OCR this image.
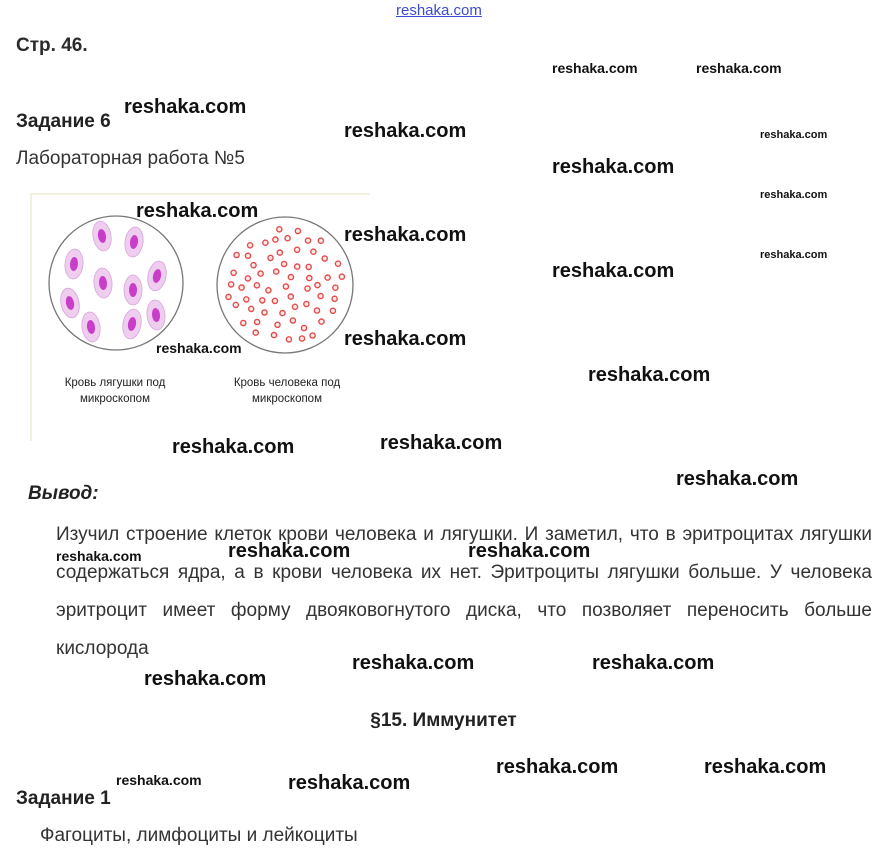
reshaka.com
Стр. 46.
Задание 6
Лабораторная работа №5
Кровь лягушки под микроскопом
Кровь человека под микроскопом
Вывод:
Изучил строение клеток крови человека и лягушки. И заметил, что в эритроцитах лягушки содержаться ядра, а в крови человека их нет. Эритроциты лягушки больше. У человека эритроцит имеет форму двояковогнутого диска, что позволяет переносить больше кислорода
§15. Иммунитет
Задание 1
Фагоциты, лимфоциты и лейкоциты
reshaka.com	reshaka.com
reshaka.com
reshaka.com	reshaka.com
reshaka.com
reshaka.com
reshaka.com
reshaka.com
reshaka.com
reshaka.com
reshaka.com
reshaka.com
reshaka.com
reshaka.com
reshaka.com
reshaka.com
reshaka.com	reshaka.com
reshaka.com
reshaka.com	reshaka.com
reshaka.com
reshaka.com	reshaka.com
reshaka.com	reshaka.com
